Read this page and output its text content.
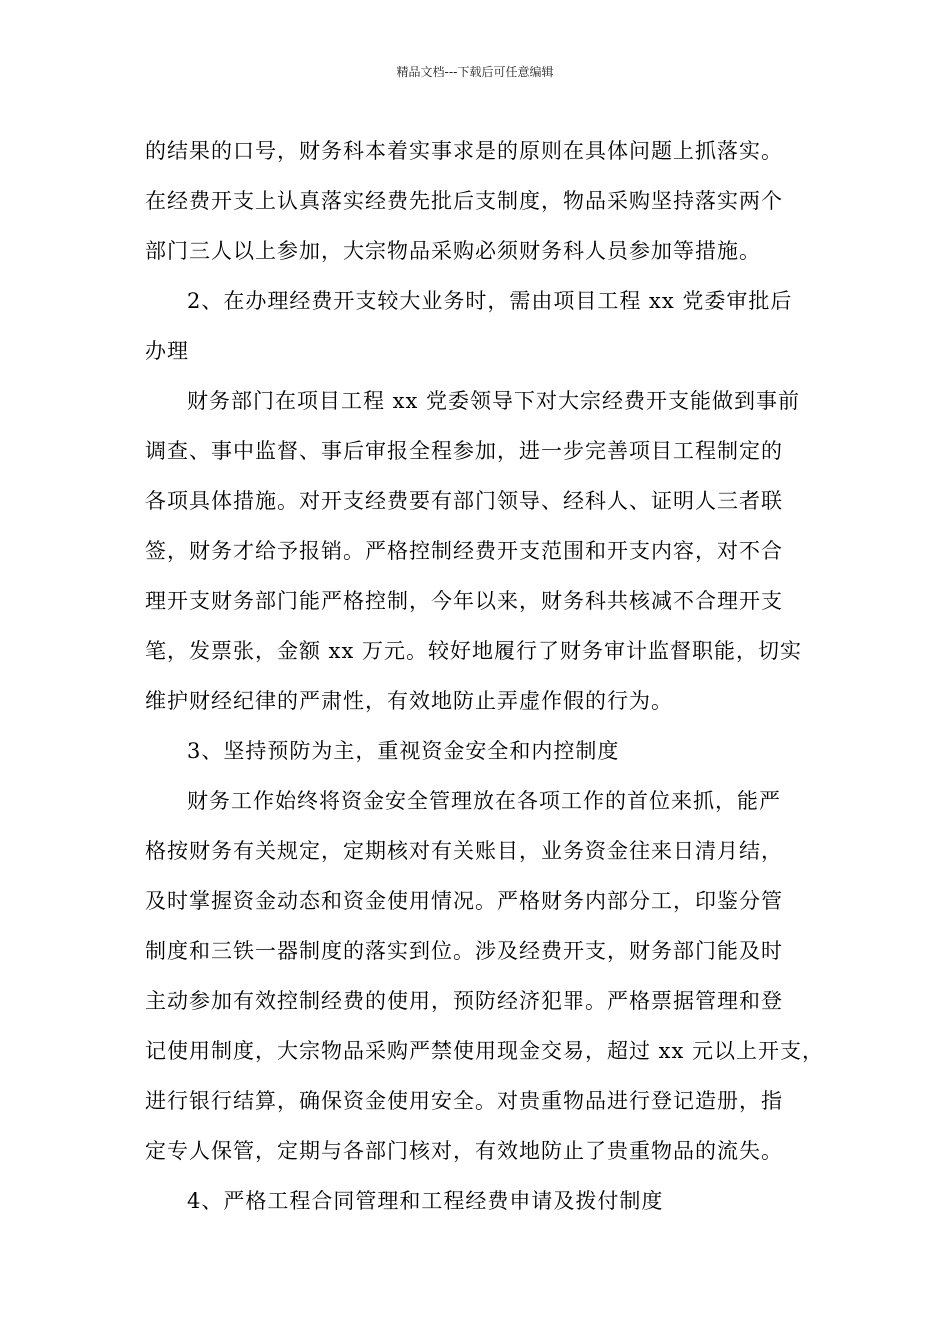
精品文档---下载后可任意编辑
的结果的口号，财务科本着实事求是的原则在具体问题上抓落实。
在经费开支上认真落实经费先批后支制度，物品采购坚持落实两个
部门三人以上参加，大宗物品采购必须财务科人员参加等措施。
2、在办理经费开支较大业务时，需由项目工程 xx 党委审批后
办理
财务部门在项目工程 xx 党委领导下对大宗经费开支能做到事前
调查、事中监督、事后审报全程参加，进一步完善项目工程制定的
各项具体措施。对开支经费要有部门领导、经科人、证明人三者联
签，财务才给予报销。严格控制经费开支范围和开支内容，对不合
理开支财务部门能严格控制，今年以来，财务科共核减不合理开支
笔，发票张，金额 xx 万元。较好地履行了财务审计监督职能，切实
维护财经纪律的严肃性，有效地防止弄虚作假的行为。
3、坚持预防为主，重视资金安全和内控制度
财务工作始终将资金安全管理放在各项工作的首位来抓，能严
格按财务有关规定，定期核对有关账目，业务资金往来日清月结，
及时掌握资金动态和资金使用情况。严格财务内部分工，印鉴分管
制度和三铁一器制度的落实到位。涉及经费开支，财务部门能及时
主动参加有效控制经费的使用，预防经济犯罪。严格票据管理和登
记使用制度，大宗物品采购严禁使用现金交易，超过 xx 元以上开支，
进行银行结算，确保资金使用安全。对贵重物品进行登记造册，指
定专人保管，定期与各部门核对，有效地防止了贵重物品的流失。
4、严格工程合同管理和工程经费申请及拨付制度
